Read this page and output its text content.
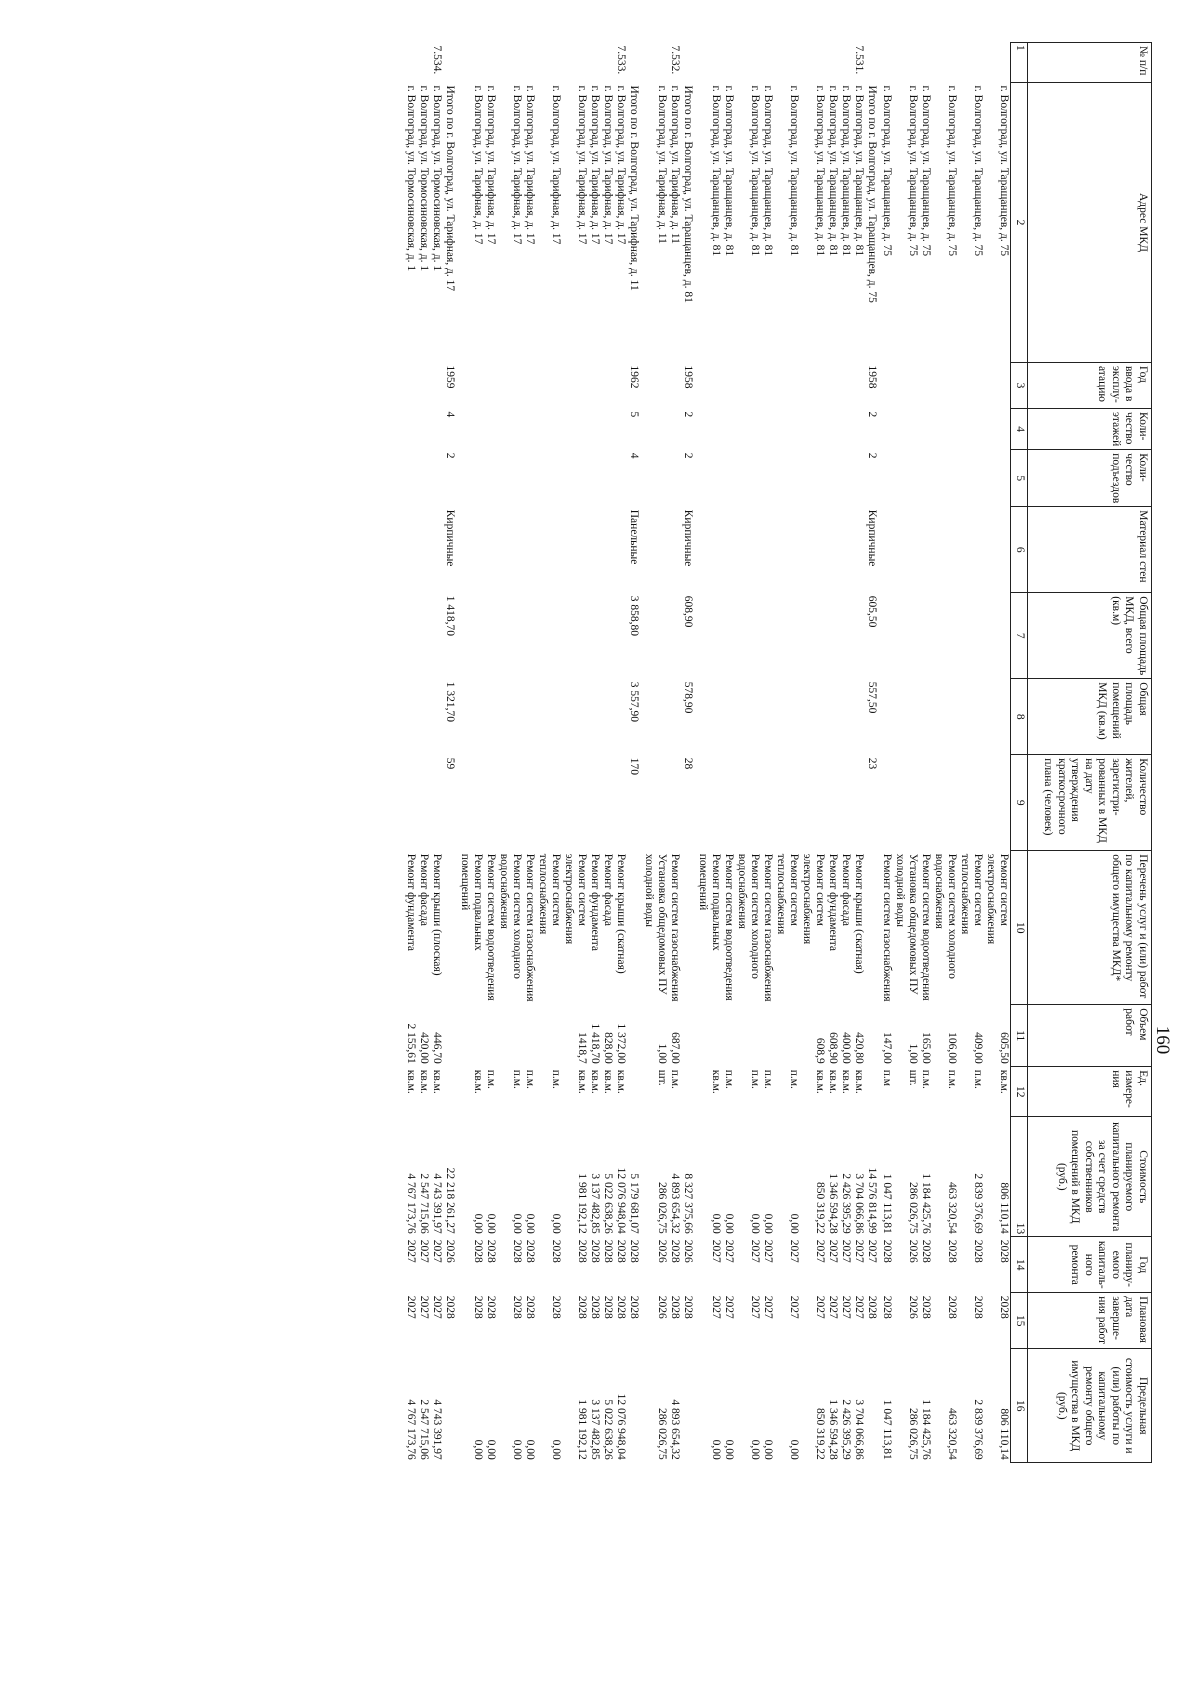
160
№ п/п	Адрес МКД	Год ввода в эксплу-атацию	Коли-чество этажей	Коли-чество подъездов	Материал стен	Общая площадь МКД, всего (кв.м)	Общая площадь помещений МКД (кв.м)	Количество жителей, зарегистри-рованных в МКД на дату утверждения краткосрочного плана (человек)	Перечень услуг и (или) работ по капитальному ремонту общего имущества МКД*	Объем работ	Ед. измере-ния	Стоимость планируемого капитального ремонта за счет средств собственников помещений в МКД (руб.)	Год планиру-емого капиталь-ного ремонта	Плановая дата заверше-ния работ	Предельная стоимость услуги и (или) работы по капитальному ремонту общего имущества в МКД (руб.)
1	2	3	4	5	6	7	8	9	10	11	12	13	14	15	16
	г. Волгоград, ул. Таращанцев, д. 75								Ремонт систем электроснабжения	605,50	кв.м.	806 110,14	2028	2028	806 110,14
	г. Волгоград, ул. Таращанцев, д. 75								Ремонт систем теплоснабжения	409,00	п.м.	2 839 376,69	2028	2028	2 839 376,69
	г. Волгоград, ул. Таращанцев, д. 75								Ремонт систем холодного водоснабжения	106,00	п.м.	463 320,54	2028	2028	463 320,54
	г. Волгоград, ул. Таращанцев, д. 75								Ремонт систем водоотведения	165,00	п.м.	1 184 425,76	2028	2028	1 184 425,76
	г. Волгоград, ул. Таращанцев, д. 75								Установка общедомовых ПУ холодной воды	1,00	шт.	286 026,75	2026	2026	286 026,75
	г. Волгоград, ул. Таращанцев, д. 75								Ремонт систем газоснабжения	147,00	п.м	1 047 113,81	2028	2028	1 047 113,81
	Итого по г. Волгоград, ул. Таращанцев, д. 75	1958	2	2	Кирпичные	605,50	557,50	23				14 576 814,99	2027	2028	
7.531.	г. Волгоград, ул. Таращанцев, д. 81								Ремонт крыши (скатная)	420,80	кв.м.	3 704 066,86	2027	2027	3 704 066,86
	г. Волгоград, ул. Таращанцев, д. 81								Ремонт фасада	400,00	кв.м.	2 426 395,29	2027	2027	2 426 395,29
	г. Волгоград, ул. Таращанцев, д. 81								Ремонт фундамента	608,90	кв.м.	1 346 594,28	2027	2027	1 346 594,28
	г. Волгоград, ул. Таращанцев, д. 81								Ремонт систем электроснабжения	608,9	кв.м.	850 319,22	2027	2027	850 319,22
	г. Волгоград, ул. Таращанцев, д. 81								Ремонт систем теплоснабжения		п.м.	0,00	2027	2027	0,00
	г. Волгоград, ул. Таращанцев, д. 81								Ремонт систем газоснабжения		п.м.	0,00	2027	2027	0,00
	г. Волгоград, ул. Таращанцев, д. 81								Ремонт систем холодного водоснабжения		п.м.	0,00	2027	2027	0,00
	г. Волгоград, ул. Таращанцев, д. 81								Ремонт систем водоотведения		п.м.	0,00	2027	2027	0,00
	г. Волгоград, ул. Таращанцев, д. 81								Ремонт подвальных помещений		кв.м.	0,00	2027	2027	0,00
	Итого по г. Волгоград, ул. Таращанцев, д. 81	1958	2	2	Кирпичные	608,90	578,90	28				8 327 375,66	2026	2028	
7.532.	г. Волгоград, ул. Тарифная, д. 11								Ремонт систем газоснабжения	687,00	п.м.	4 893 654,32	2028	2028	4 893 654,32
	г. Волгоград, ул. Тарифная, д. 11								Установка общедомовых ПУ холодной воды	1,00	шт.	286 026,75	2026	2026	286 026,75
	Итого по г. Волгоград, ул. Тарифная, д. 11	1962	5	4	Панельные	3 858,80	3 557,90	170				5 179 681,07	2028	2028	
7.533.	г. Волгоград, ул. Тарифная, д. 17								Ремонт крыши (скатная)	1 372,00	кв.м.	12 076 948,04	2028	2028	12 076 948,04
	г. Волгоград, ул. Тарифная, д. 17								Ремонт фасада	828,00	кв.м.	5 022 638,26	2028	2028	5 022 638,26
	г. Волгоград, ул. Тарифная, д. 17								Ремонт фундамента	1 418,70	кв.м.	3 137 482,85	2028	2028	3 137 482,85
	г. Волгоград, ул. Тарифная, д. 17								Ремонт систем электроснабжения	1418,7	кв.м.	1 981 192,12	2028	2028	1 981 192,12
	г. Волгоград, ул. Тарифная, д. 17								Ремонт систем теплоснабжения		п.м.	0,00	2028	2028	0,00
	г. Волгоград, ул. Тарифная, д. 17								Ремонт систем газоснабжения		п.м.	0,00	2028	2028	0,00
	г. Волгоград, ул. Тарифная, д. 17								Ремонт систем холодного водоснабжения		п.м.	0,00	2028	2028	0,00
	г. Волгоград, ул. Тарифная, д. 17								Ремонт систем водоотведения		п.м.	0,00	2028	2028	0,00
	г. Волгоград, ул. Тарифная, д. 17								Ремонт подвальных помещений		кв.м.	0,00	2028	2028	0,00
	Итого по г. Волгоград, ул. Тарифная, д. 17	1959	4	2	Кирпичные	1 418,70	1 321,70	59				22 218 261,27	2026	2028	
7.534.	г. Волгоград, ул. Тормосиновская, д. 1								Ремонт крыши (плоская)	446,70	кв.м.	4 743 391,97	2027	2027	4 743 391,97
	г. Волгоград, ул. Тормосиновская, д. 1								Ремонт фасада	420,00	кв.м.	2 547 715,06	2027	2027	2 547 715,06
	г. Волгоград, ул. Тормосиновская, д. 1								Ремонт фундамента	2 155,61	кв.м.	4 767 173,76	2027	2027	4 767 173,76
